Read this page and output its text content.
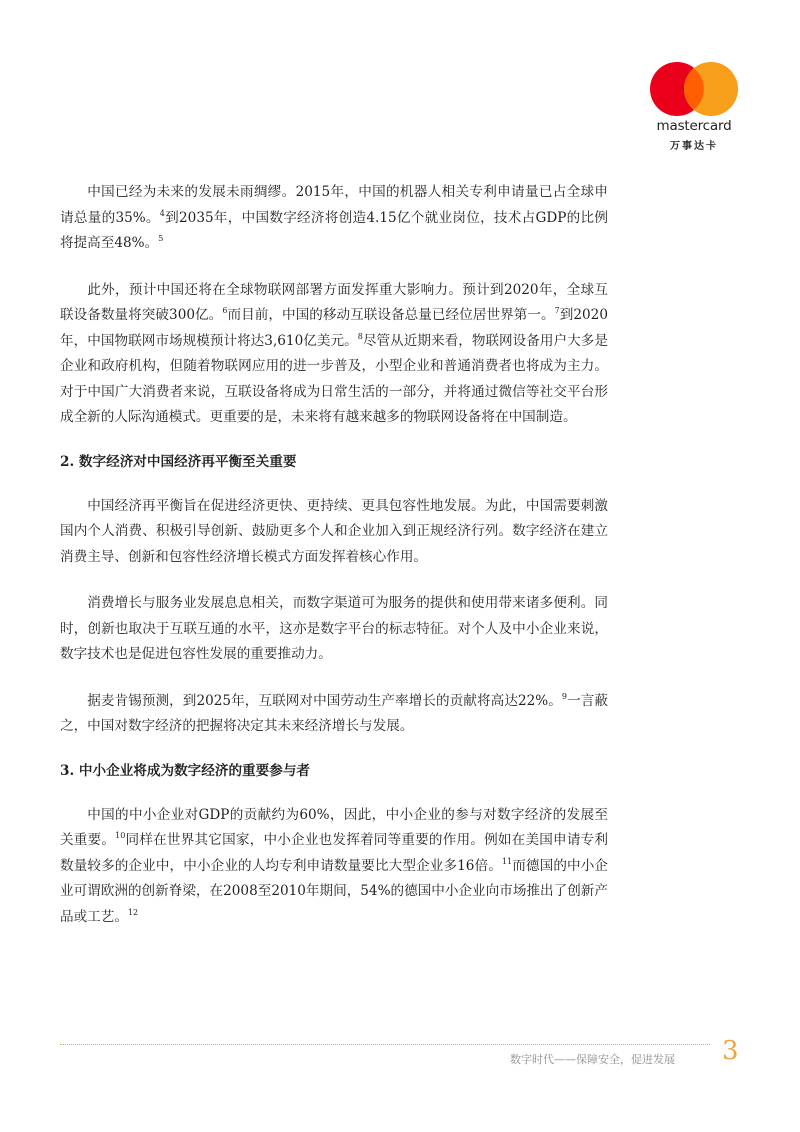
mastercard
万事达卡

中国已经为未来的发展未雨绸缪。2015年，中国的机器人相关专利申请量已占全球申请总量的35%。$^4$到2035年，中国数字经济将创造4.15亿个就业岗位，技术占GDP的比例将提高至48%。$^5$

此外，预计中国还将在全球物联网部署方面发挥重大影响力。预计到2020年，全球互联设备数量将突破300亿。$^6$而目前，中国的移动互联设备总量已经位居世界第一。$^7$到2020年，中国物联网市场规模预计将达3,610亿美元。$^8$尽管从近期来看，物联网设备用户大多是企业和政府机构，但随着物联网应用的进一步普及，小型企业和普通消费者也将成为主力。对于中国广大消费者来说，互联设备将成为日常生活的一部分，并将通过微信等社交平台形成全新的人际沟通模式。更重要的是，未来将有越来越多的物联网设备将在中国制造。

2. 数字经济对中国经济再平衡至关重要

中国经济再平衡旨在促进经济更快、更持续、更具包容性地发展。为此，中国需要刺激国内个人消费、积极引导创新、鼓励更多个人和企业加入到正规经济行列。数字经济在建立消费主导、创新和包容性经济增长模式方面发挥着核心作用。

消费增长与服务业发展息息相关，而数字渠道可为服务的提供和使用带来诸多便利。同时，创新也取决于互联互通的水平，这亦是数字平台的标志特征。对个人及中小企业来说，数字技术也是促进包容性发展的重要推动力。

据麦肯锡预测，到2025年，互联网对中国劳动生产率增长的贡献将高达22%。$^9$一言蔽之，中国对数字经济的把握将决定其未来经济增长与发展。

3. 中小企业将成为数字经济的重要参与者

中国的中小企业对GDP的贡献约为60%，因此，中小企业的参与对数字经济的发展至关重要。$^{10}$同样在世界其它国家，中小企业也发挥着同等重要的作用。例如在美国申请专利数量较多的企业中，中小企业的人均专利申请数量要比大型企业多16倍。$^{11}$而德国的中小企业可谓欧洲的创新脊梁，在2008至2010年期间，54%的德国中小企业向市场推出了创新产品或工艺。$^{12}$

数字时代——保障安全，促进发展 3
